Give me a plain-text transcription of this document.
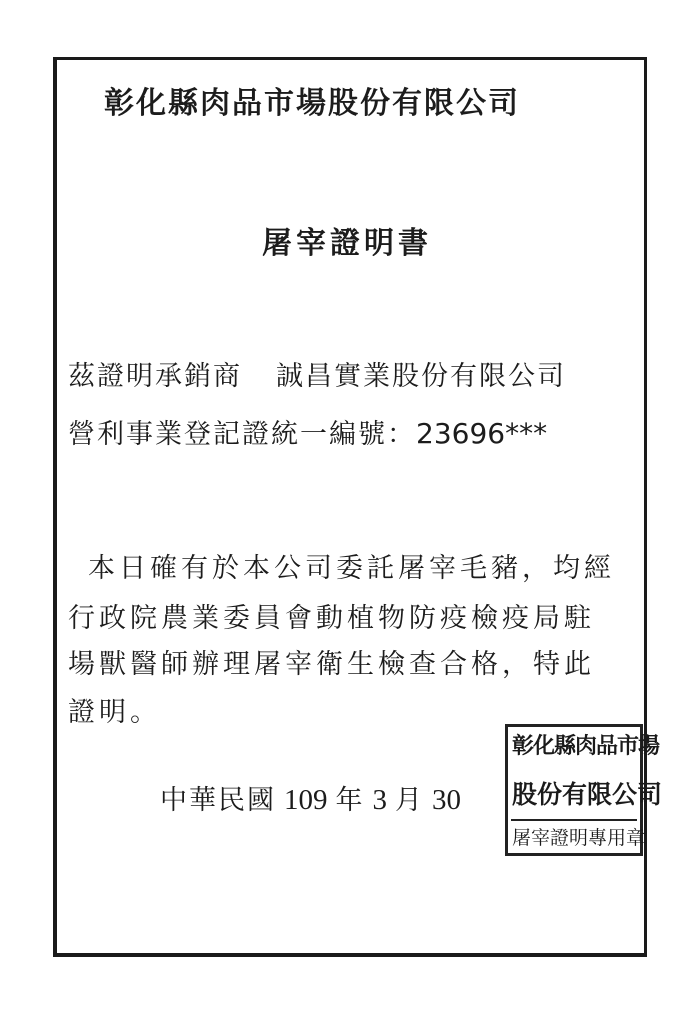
彰化縣肉品市場股份有限公司
屠宰證明書
茲證明承銷商 誠昌實業股份有限公司
營利事業登記證統一編號：23696***
本日確有於本公司委託屠宰毛豬，均經
行政院農業委員會動植物防疫檢疫局駐
場獸醫師辦理屠宰衛生檢查合格，特此
證明。
中華民國 109 年 3 月 30
彰化縣肉品市場
股份有限公司
屠宰證明專用章
